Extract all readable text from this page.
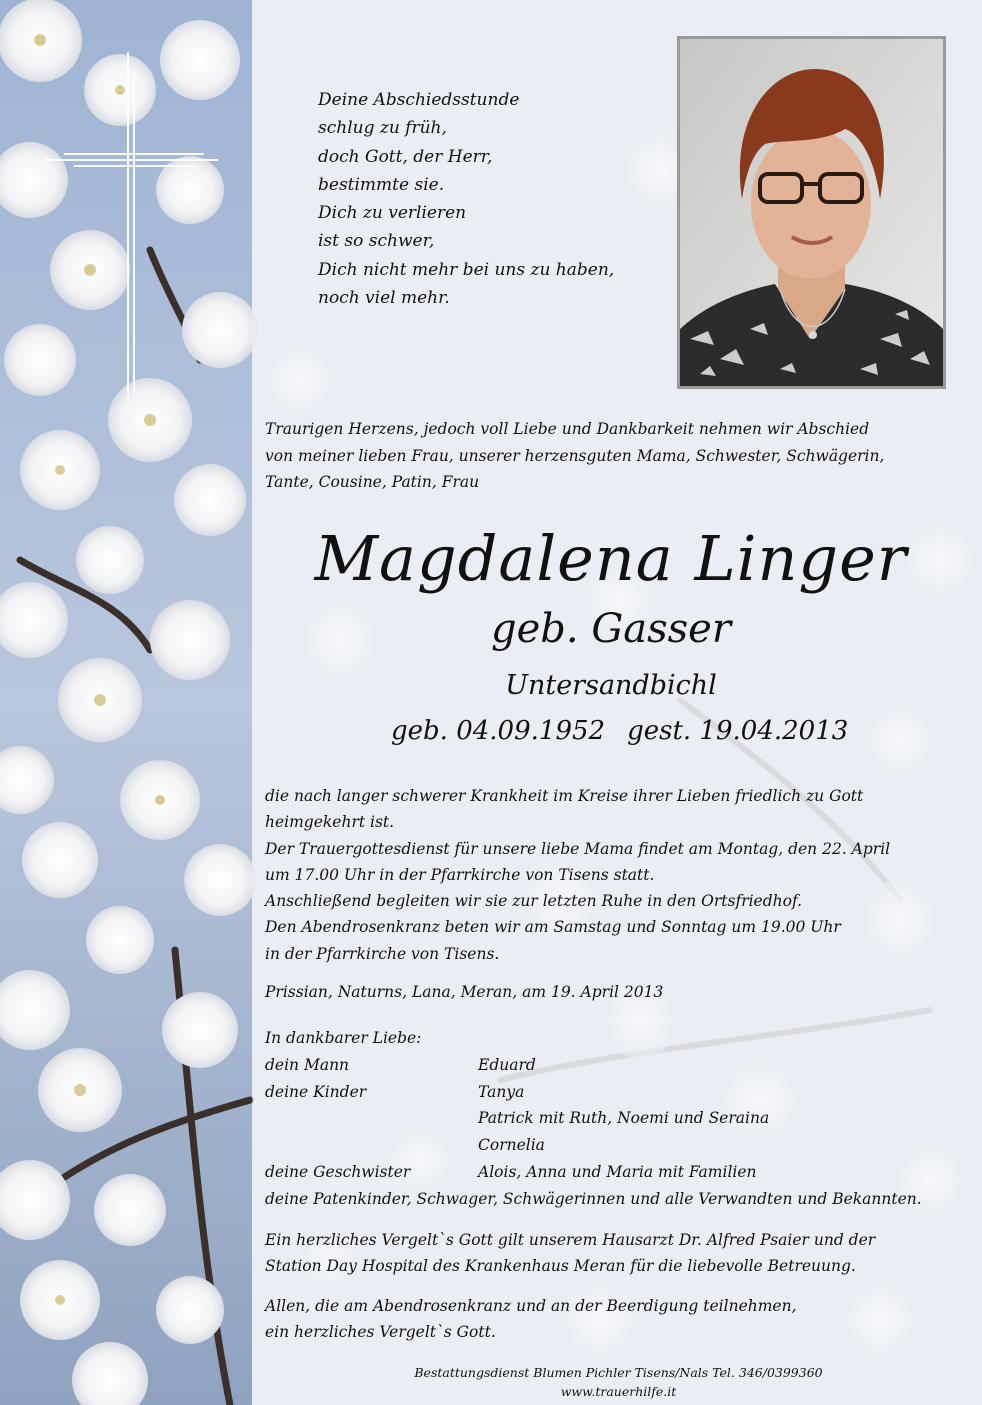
Deine Abschiedsstunde
schlug zu früh,
doch Gott, der Herr,
bestimmte sie.
Dich zu verlieren
ist so schwer,
Dich nicht mehr bei uns zu haben,
noch viel mehr.
Traurigen Herzens, jedoch voll Liebe und Dankbarkeit nehmen wir Abschied
von meiner lieben Frau, unserer herzensguten Mama, Schwester, Schwägerin,
Tante, Cousine, Patin, Frau
Magdalena Linger
geb. Gasser
Untersandbichl
geb. 04.09.1952 gest. 19.04.2013
die nach langer schwerer Krankheit im Kreise ihrer Lieben friedlich zu Gott
heimgekehrt ist.
Der Trauergottesdienst für unsere liebe Mama findet am Montag, den 22. April
um 17.00 Uhr in der Pfarrkirche von Tisens statt.
Anschließend begleiten wir sie zur letzten Ruhe in den Ortsfriedhof.
Den Abendrosenkranz beten wir am Samstag und Sonntag um 19.00 Uhr
in der Pfarrkirche von Tisens.
Prissian, Naturns, Lana, Meran, am 19. April 2013
In dankbarer Liebe:
dein Mann	Eduard
deine Kinder	Tanya
Patrick mit Ruth, Noemi und Seraina
Cornelia
deine Geschwister	Alois, Anna und Maria mit Familien
deine Patenkinder, Schwager, Schwägerinnen und alle Verwandten und Bekannten.
Ein herzliches Vergelt`s Gott gilt unserem Hausarzt Dr. Alfred Psaier und der
Station Day Hospital des Krankenhaus Meran für die liebevolle Betreuung.
Allen, die am Abendrosenkranz und an der Beerdigung teilnehmen,
ein herzliches Vergelt`s Gott.
Bestattungsdienst Blumen Pichler Tisens/Nals Tel. 346/0399360
www.trauerhilfe.it
